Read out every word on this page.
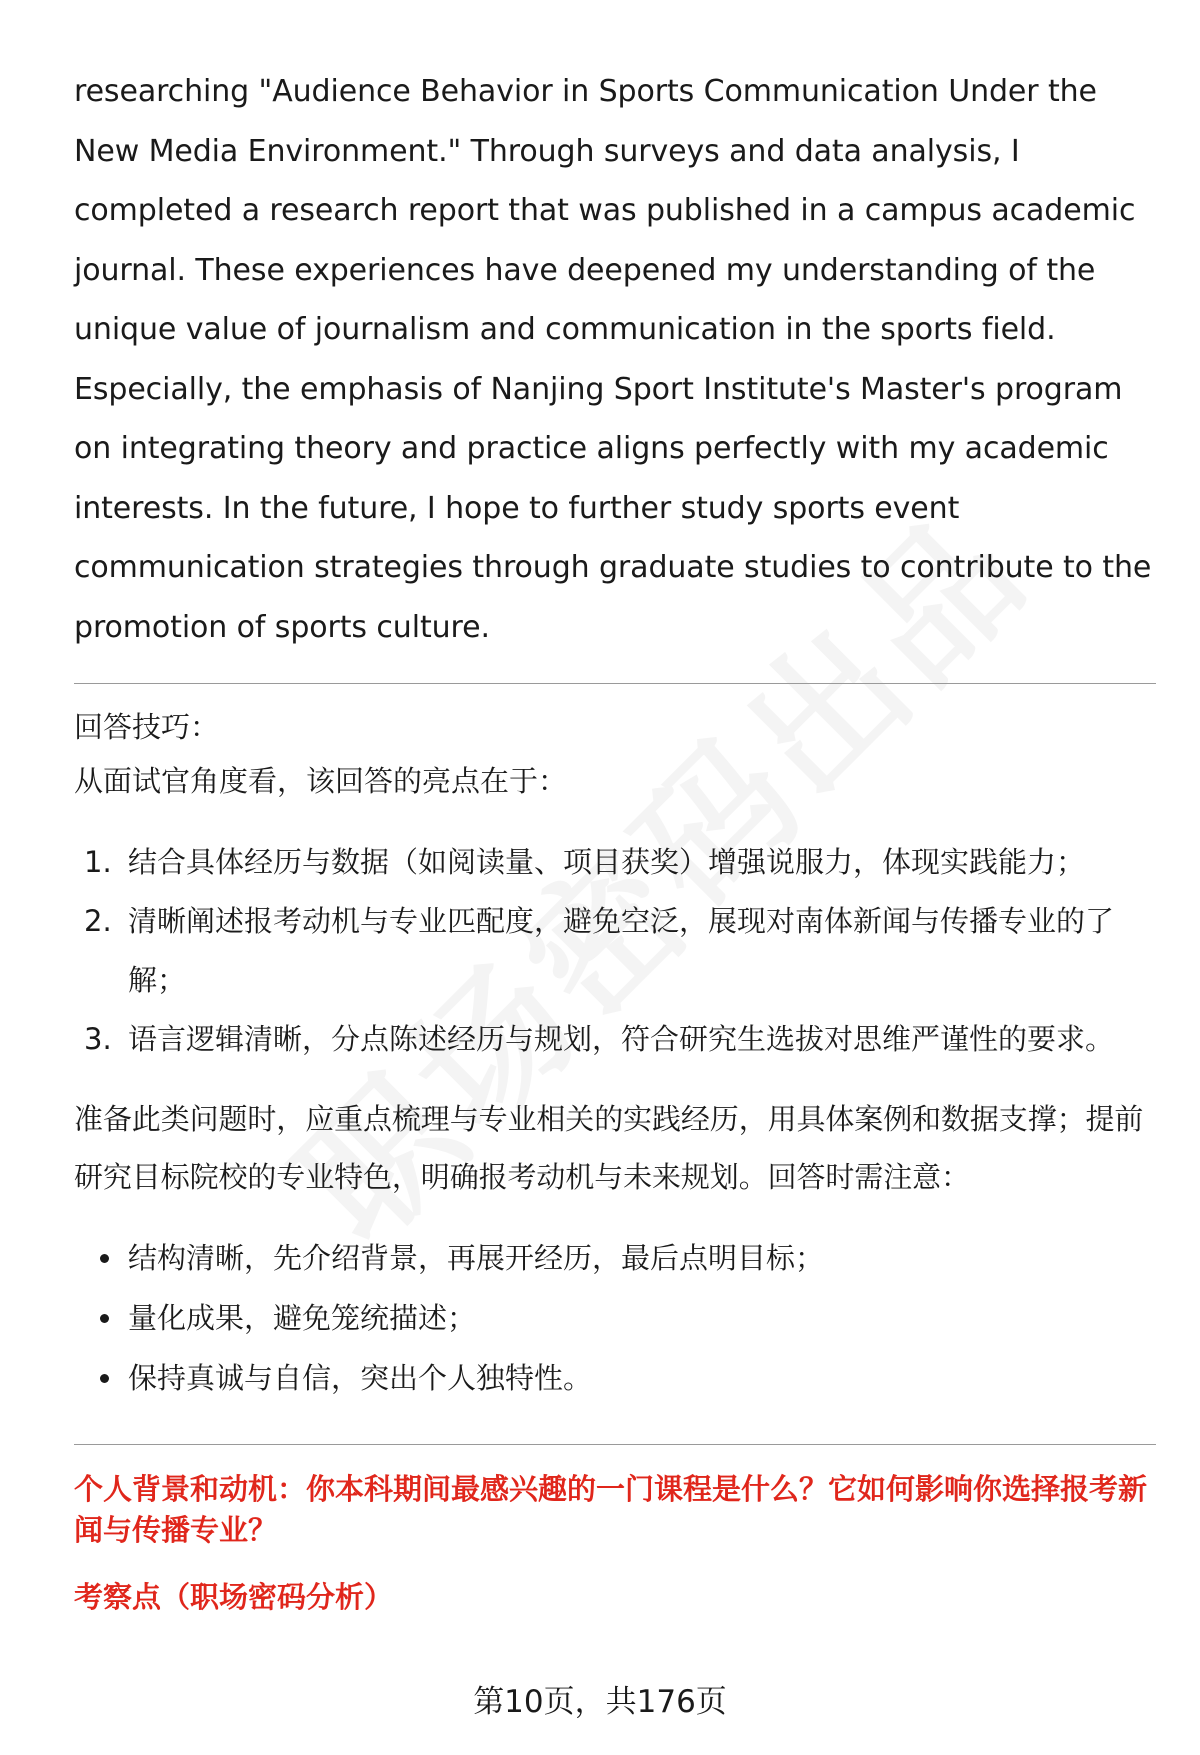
researching "Audience Behavior in Sports Communication Under the New Media Environment." Through surveys and data analysis, I completed a research report that was published in a campus academic journal. These experiences have deepened my understanding of the unique value of journalism and communication in the sports field. Especially, the emphasis of Nanjing Sport Institute's Master's program on integrating theory and practice aligns perfectly with my academic interests. In the future, I hope to further study sports event communication strategies through graduate studies to contribute to the promotion of sports culture.

回答技巧：

从面试官角度看，该回答的亮点在于：

1. 结合具体经历与数据（如阅读量、项目获奖）增强说服力，体现实践能力；
2. 清晰阐述报考动机与专业匹配度，避免空泛，展现对南体新闻与传播专业的了解；
3. 语言逻辑清晰，分点陈述经历与规划，符合研究生选拔对思维严谨性的要求。

准备此类问题时，应重点梳理与专业相关的实践经历，用具体案例和数据支撑；提前研究目标院校的专业特色，明确报考动机与未来规划。回答时需注意：

结构清晰，先介绍背景，再展开经历，最后点明目标；
量化成果，避免笼统描述；
保持真诚与自信，突出个人独特性。

个人背景和动机：你本科期间最感兴趣的一门课程是什么？它如何影响你选择报考新闻与传播专业？

考察点（职场密码分析）

第10页，共176页
